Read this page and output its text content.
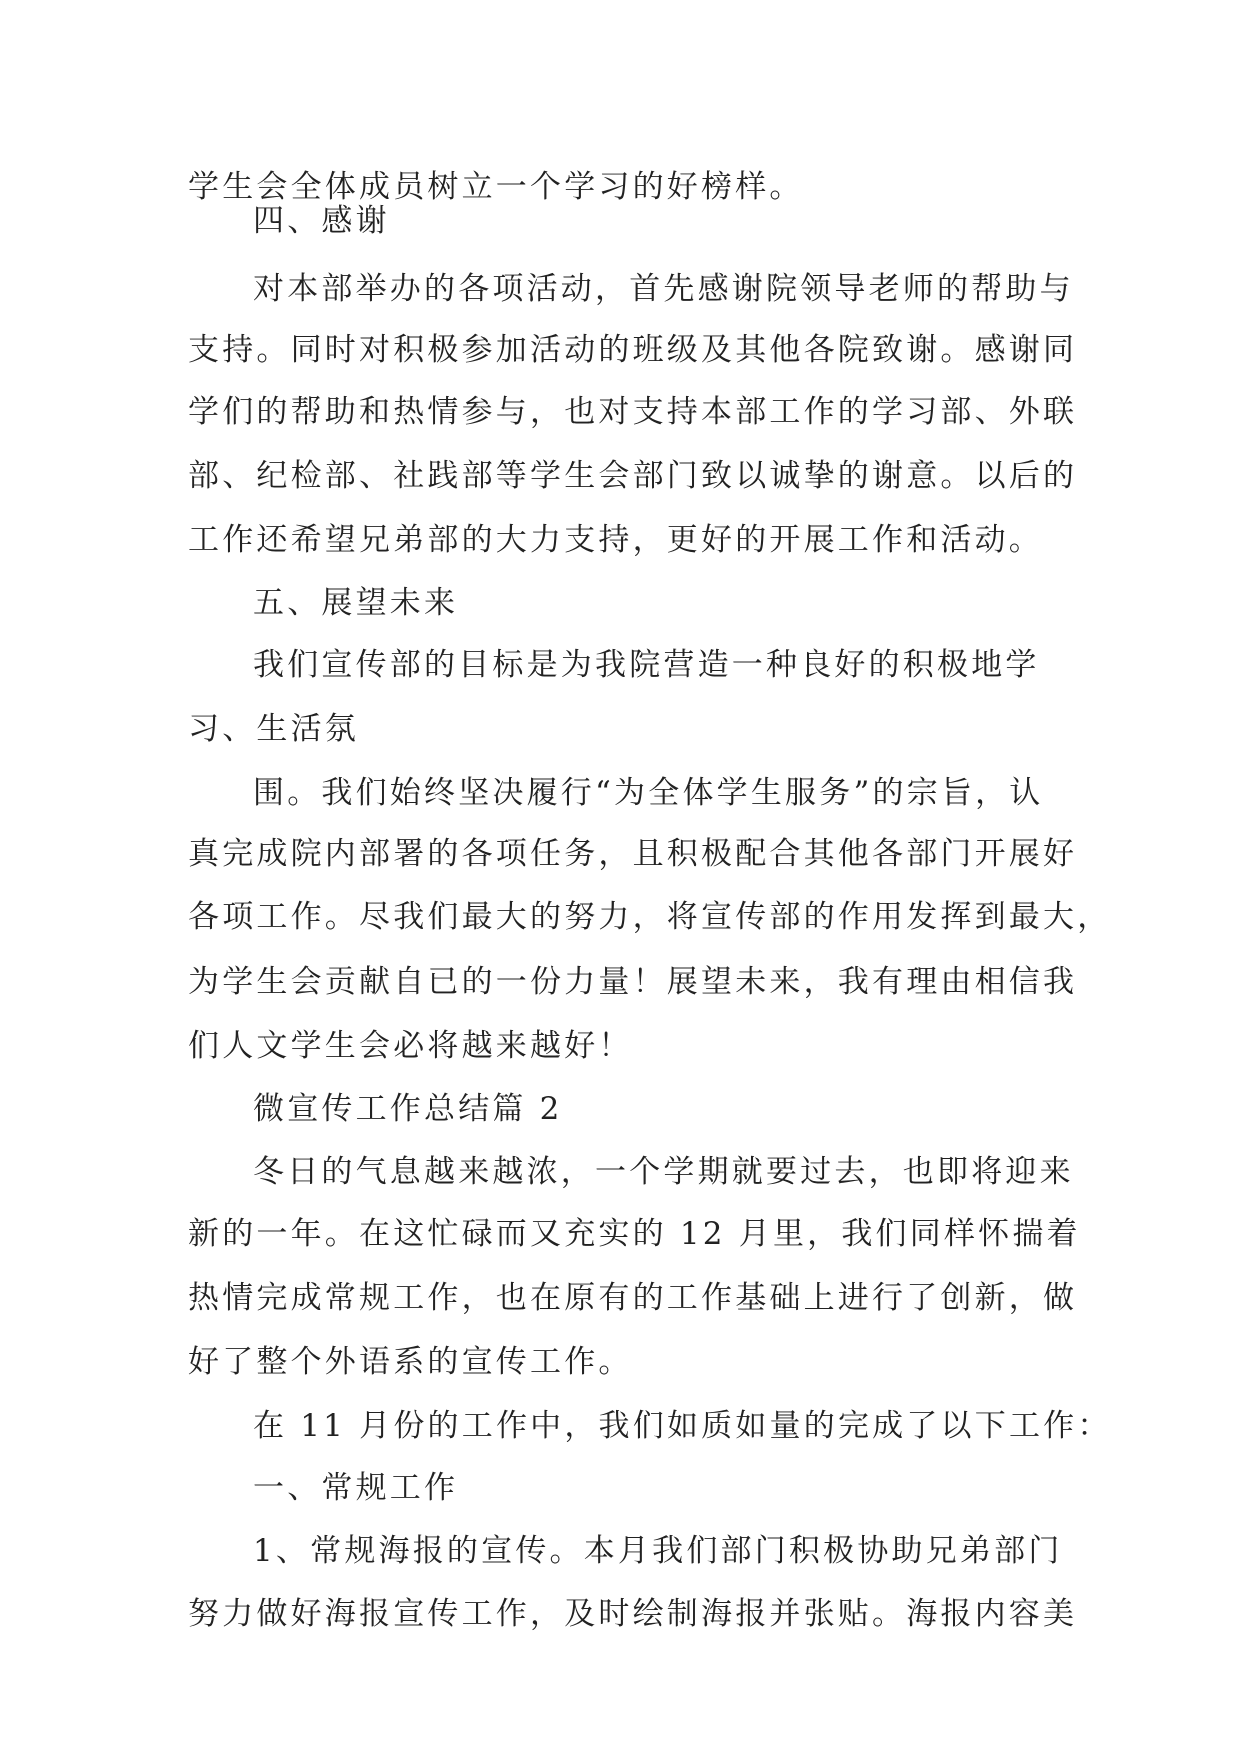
学生会全体成员树立一个学习的好榜样。
四、感谢
对本部举办的各项活动，首先感谢院领导老师的帮助与
支持。同时对积极参加活动的班级及其他各院致谢。感谢同
学们的帮助和热情参与，也对支持本部工作的学习部、外联
部、纪检部、社践部等学生会部门致以诚挚的谢意。以后的
工作还希望兄弟部的大力支持，更好的开展工作和活动。
五、展望未来
我们宣传部的目标是为我院营造一种良好的积极地学
习、生活氛
围。我们始终坚决履行“为全体学生服务”的宗旨，认
真完成院内部署的各项任务，且积极配合其他各部门开展好
各项工作。尽我们最大的努力，将宣传部的作用发挥到最大，
为学生会贡献自已的一份力量！展望未来，我有理由相信我
们人文学生会必将越来越好！
微宣传工作总结篇 2
冬日的气息越来越浓，一个学期就要过去，也即将迎来
新的一年。在这忙碌而又充实的 12 月里，我们同样怀揣着
热情完成常规工作，也在原有的工作基础上进行了创新，做
好了整个外语系的宣传工作。
在 11 月份的工作中，我们如质如量的完成了以下工作：
一、常规工作
1、常规海报的宣传。本月我们部门积极协助兄弟部门
努力做好海报宣传工作，及时绘制海报并张贴。海报内容美
